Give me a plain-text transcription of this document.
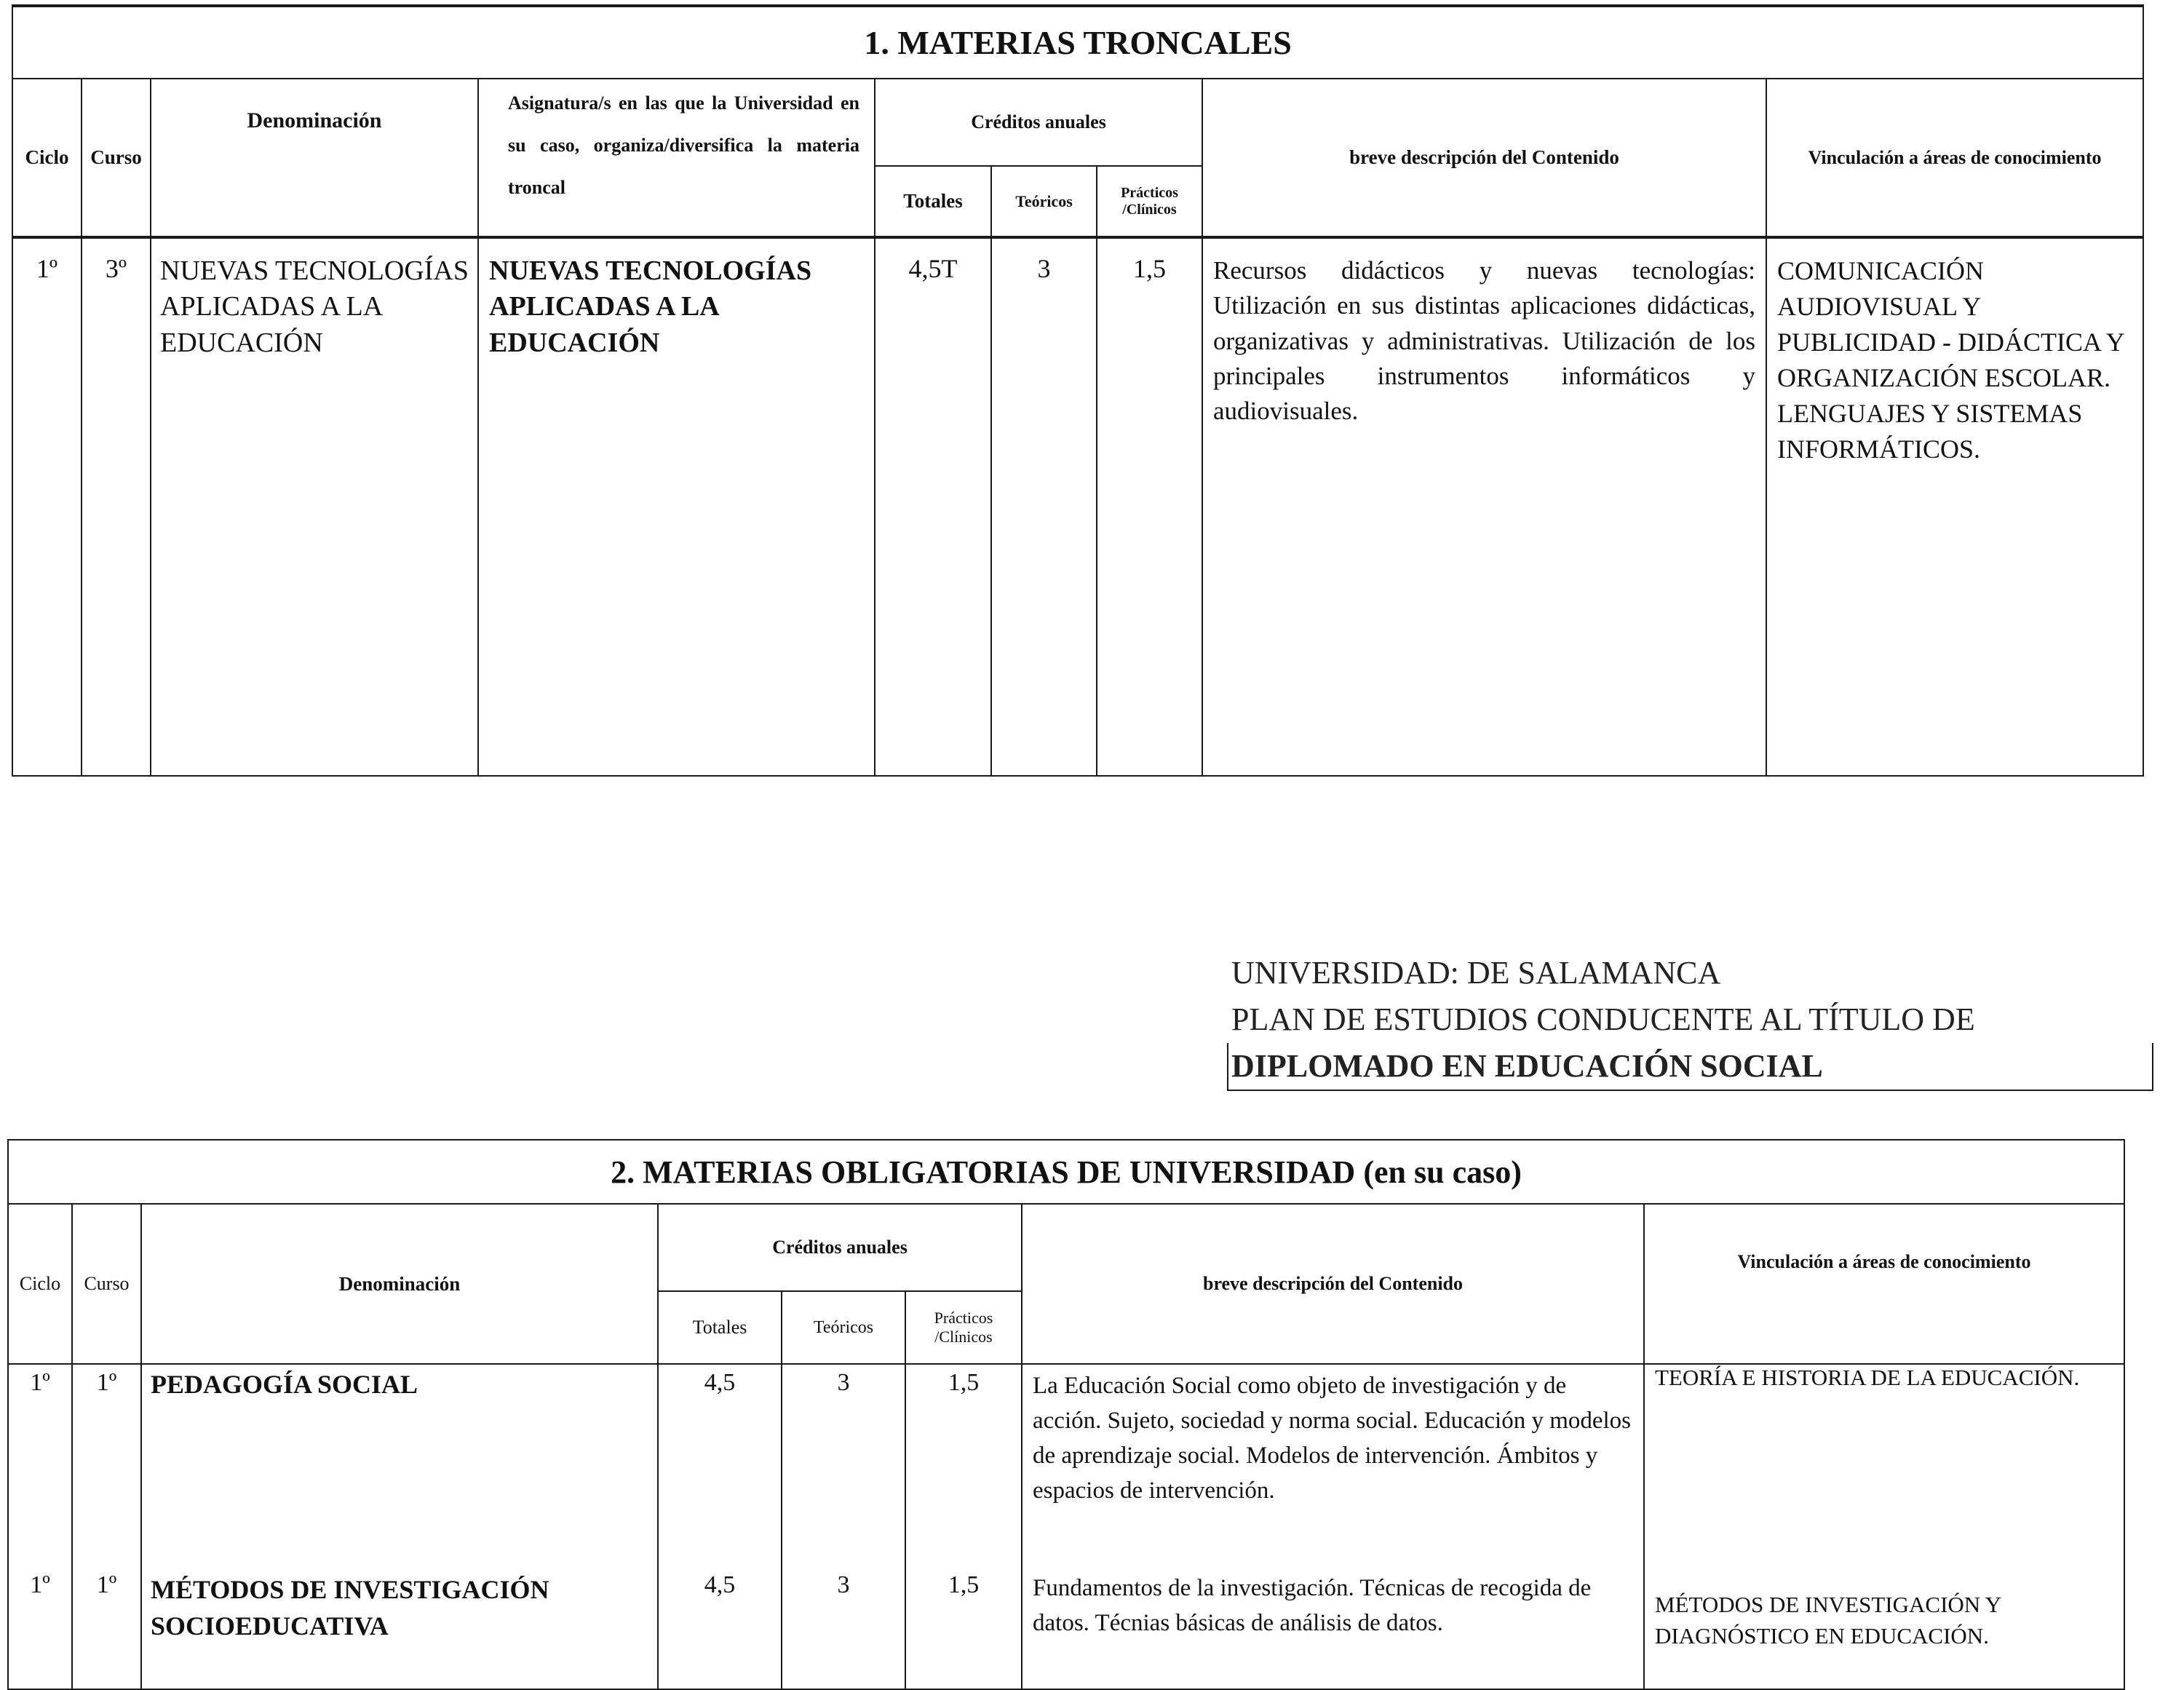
1. MATERIAS TRONCALES								
Ciclo	Curso	Denominación	Asignatura/s en las que la Universidad en su caso, organiza/diversifica la materia troncal	Créditos anuales			breve descripción del Contenido	Vinculación a áreas de conocimiento
				Totales	Teóricos	Prácticos /Clínicos		
1º	3º	NUEVAS TECNOLOGÍAS APLICADAS A LA EDUCACIÓN	NUEVAS TECNOLOGÍAS APLICADAS A LA EDUCACIÓN	4,5T	3	1,5	Recursos didácticos y nuevas tecnologías: Utilización en sus distintas aplicaciones didácticas, organizativas y administrativas. Utilización de los principales instrumentos informáticos y audiovisuales.	COMUNICACIÓN AUDIOVISUAL Y PUBLICIDAD - DIDÁCTICA Y ORGANIZACIÓN ESCOLAR. LENGUAJES Y SISTEMAS INFORMÁTICOS.
UNIVERSIDAD: DE SALAMANCA
PLAN DE ESTUDIOS CONDUCENTE AL TÍTULO DE
DIPLOMADO EN EDUCACIÓN SOCIAL
2. MATERIAS OBLIGATORIAS DE UNIVERSIDAD (en su caso)							
Ciclo	Curso	Denominación	Créditos anuales			breve descripción del Contenido	Vinculación a áreas de conocimiento
			Totales	Teóricos	Prácticos /Clínicos		
1º	1º	PEDAGOGÍA SOCIAL	4,5	3	1,5	La Educación Social como objeto de investigación y de acción. Sujeto, sociedad y norma social. Educación y modelos de aprendizaje social. Modelos de intervención. Ámbitos y espacios de intervención.	TEORÍA E HISTORIA DE LA EDUCACIÓN.
1º	1º	MÉTODOS DE INVESTIGACIÓN SOCIOEDUCATIVA	4,5	3	1,5	Fundamentos de la investigación. Técnicas de recogida de datos. Técnias básicas de análisis de datos.	MÉTODOS DE INVESTIGACIÓN Y DIAGNÓSTICO EN EDUCACIÓN.
